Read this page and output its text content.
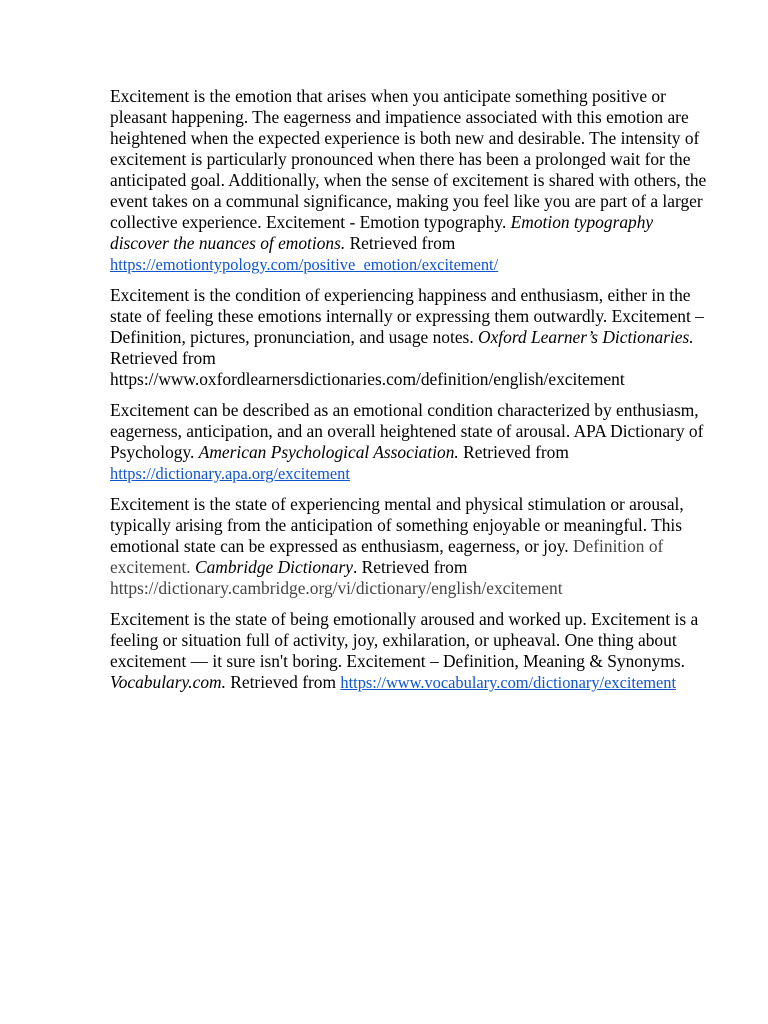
Excitement is the emotion that arises when you anticipate something positive or pleasant happening. The eagerness and impatience associated with this emotion are heightened when the expected experience is both new and desirable. The intensity of excitement is particularly pronounced when there has been a prolonged wait for the anticipated goal. Additionally, when the sense of excitement is shared with others, the event takes on a communal significance, making you feel like you are part of a larger collective experience. Excitement - Emotion typography. Emotion typography discover the nuances of emotions. Retrieved from https://emotiontypology.com/positive_emotion/excitement/

Excitement is the condition of experiencing happiness and enthusiasm, either in the state of feeling these emotions internally or expressing them outwardly. Excitement – Definition, pictures, pronunciation, and usage notes. Oxford Learner’s Dictionaries. Retrieved from https://www.oxfordlearnersdictionaries.com/definition/english/excitement

Excitement can be described as an emotional condition characterized by enthusiasm, eagerness, anticipation, and an overall heightened state of arousal. APA Dictionary of Psychology. American Psychological Association. Retrieved from https://dictionary.apa.org/excitement

Excitement is the state of experiencing mental and physical stimulation or arousal, typically arising from the anticipation of something enjoyable or meaningful. This emotional state can be expressed as enthusiasm, eagerness, or joy. Definition of excitement. Cambridge Dictionary. Retrieved from https://dictionary.cambridge.org/vi/dictionary/english/excitement

Excitement is the state of being emotionally aroused and worked up. Excitement is a feeling or situation full of activity, joy, exhilaration, or upheaval. One thing about excitement — it sure isn't boring. Excitement – Definition, Meaning & Synonyms. Vocabulary.com. Retrieved from https://www.vocabulary.com/dictionary/excitement
